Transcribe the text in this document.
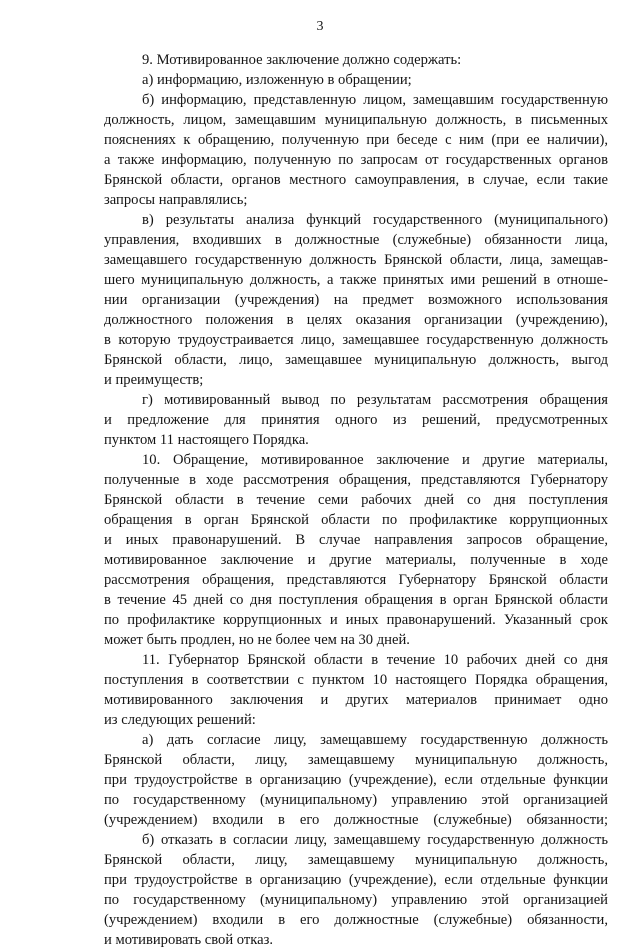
3
9. Мотивированное заключение должно содержать:
а) информацию, изложенную в обращении;
б) информацию, представленную лицом, замещавшим государственную
должность, лицом, замещавшим муниципальную должность, в письменных
пояснениях к обращению, полученную при беседе с ним (при ее наличии),
а также информацию, полученную по запросам от государственных органов
Брянской области, органов местного самоуправления, в случае, если такие
запросы направлялись;
в) результаты анализа функций государственного (муниципального)
управления, входивших в должностные (служебные) обязанности лица,
замещавшего государственную должность Брянской области, лица, замещав-
шего муниципальную должность, а также принятых ими решений в отноше-
нии организации (учреждения) на предмет возможного использования
должностного положения в целях оказания организации (учреждению),
в которую трудоустраивается лицо, замещавшее государственную должность
Брянской области, лицо, замещавшее муниципальную должность, выгод
и преимуществ;
г) мотивированный вывод по результатам рассмотрения обращения
и предложение для принятия одного из решений, предусмотренных
пунктом 11 настоящего Порядка.
10. Обращение, мотивированное заключение и другие материалы,
полученные в ходе рассмотрения обращения, представляются Губернатору
Брянской области в течение семи рабочих дней со дня поступления
обращения в орган Брянской области по профилактике коррупционных
и иных правонарушений. В случае направления запросов обращение,
мотивированное заключение и другие материалы, полученные в ходе
рассмотрения обращения, представляются Губернатору Брянской области
в течение 45 дней со дня поступления обращения в орган Брянской области
по профилактике коррупционных и иных правонарушений. Указанный срок
может быть продлен, но не более чем на 30 дней.
11. Губернатор Брянской области в течение 10 рабочих дней со дня
поступления в соответствии с пунктом 10 настоящего Порядка обращения,
мотивированного заключения и других материалов принимает одно
из следующих решений:
а) дать согласие лицу, замещавшему государственную должность
Брянской области, лицу, замещавшему муниципальную должность,
при трудоустройстве в организацию (учреждение), если отдельные функции
по государственному (муниципальному) управлению этой организацией
(учреждением) входили в его должностные (служебные) обязанности;
б) отказать в согласии лицу, замещавшему государственную должность
Брянской области, лицу, замещавшему муниципальную должность,
при трудоустройстве в организацию (учреждение), если отдельные функции
по государственному (муниципальному) управлению этой организацией
(учреждением) входили в его должностные (служебные) обязанности,
и мотивировать свой отказ.
